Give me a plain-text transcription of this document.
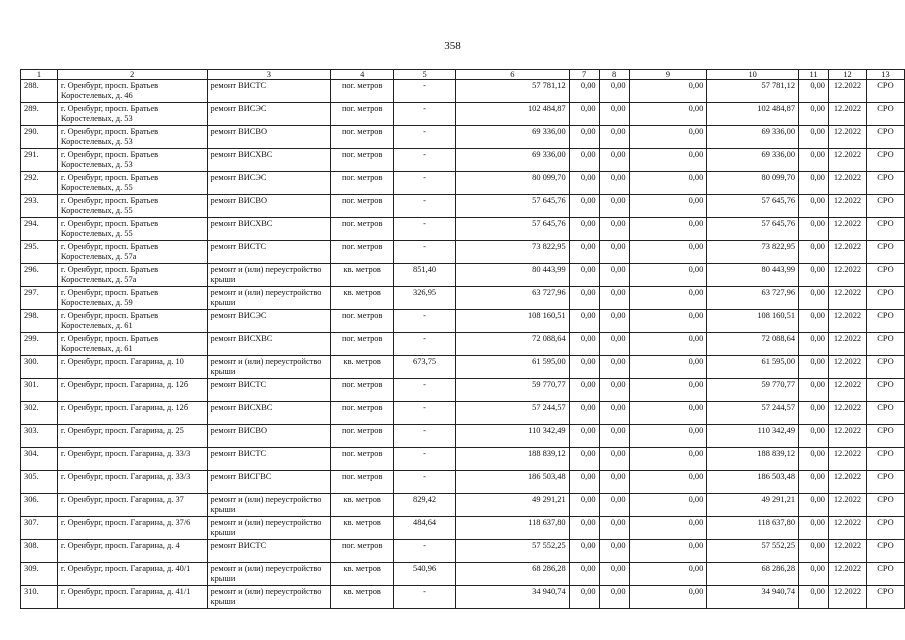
358
1	2	3	4	5	6	7	8	9	10	11	12	13
288.	г. Оренбург, просп. Братьев Коростелевых, д. 46	ремонт ВИСТС	пог. метров	-	57 781,12	0,00	0,00	0,00	57 781,12	0,00	12.2022	СРО
289.	г. Оренбург, просп. Братьев Коростелевых, д. 53	ремонт ВИСЭС	пог. метров	-	102 484,87	0,00	0,00	0,00	102 484,87	0,00	12.2022	СРО
290.	г. Оренбург, просп. Братьев Коростелевых, д. 53	ремонт ВИСВО	пог. метров	-	69 336,00	0,00	0,00	0,00	69 336,00	0,00	12.2022	СРО
291.	г. Оренбург, просп. Братьев Коростелевых, д. 53	ремонт ВИСХВС	пог. метров	-	69 336,00	0,00	0,00	0,00	69 336,00	0,00	12.2022	СРО
292.	г. Оренбург, просп. Братьев Коростелевых, д. 55	ремонт ВИСЭС	пог. метров	-	80 099,70	0,00	0,00	0,00	80 099,70	0,00	12.2022	СРО
293.	г. Оренбург, просп. Братьев Коростелевых, д. 55	ремонт ВИСВО	пог. метров	-	57 645,76	0,00	0,00	0,00	57 645,76	0,00	12.2022	СРО
294.	г. Оренбург, просп. Братьев Коростелевых, д. 55	ремонт ВИСХВС	пог. метров	-	57 645,76	0,00	0,00	0,00	57 645,76	0,00	12.2022	СРО
295.	г. Оренбург, просп. Братьев Коростелевых, д. 57а	ремонт ВИСТС	пог. метров	-	73 822,95	0,00	0,00	0,00	73 822,95	0,00	12.2022	СРО
296.	г. Оренбург, просп. Братьев Коростелевых, д. 57а	ремонт и (или) переустройство крыши	кв. метров	851,40	80 443,99	0,00	0,00	0,00	80 443,99	0,00	12.2022	СРО
297.	г. Оренбург, просп. Братьев Коростелевых, д. 59	ремонт и (или) переустройство крыши	кв. метров	326,95	63 727,96	0,00	0,00	0,00	63 727,96	0,00	12.2022	СРО
298.	г. Оренбург, просп. Братьев Коростелевых, д. 61	ремонт ВИСЭС	пог. метров	-	108 160,51	0,00	0,00	0,00	108 160,51	0,00	12.2022	СРО
299.	г. Оренбург, просп. Братьев Коростелевых, д. 61	ремонт ВИСХВС	пог. метров	-	72 088,64	0,00	0,00	0,00	72 088,64	0,00	12.2022	СРО
300.	г. Оренбург, просп. Гагарина, д. 10	ремонт и (или) переустройство крыши	кв. метров	673,75	61 595,00	0,00	0,00	0,00	61 595,00	0,00	12.2022	СРО
301.	г. Оренбург, просп. Гагарина, д. 12б	ремонт ВИСТС	пог. метров	-	59 770,77	0,00	0,00	0,00	59 770,77	0,00	12.2022	СРО
302.	г. Оренбург, просп. Гагарина, д. 12б	ремонт ВИСХВС	пог. метров	-	57 244,57	0,00	0,00	0,00	57 244,57	0,00	12.2022	СРО
303.	г. Оренбург, просп. Гагарина, д. 25	ремонт ВИСВО	пог. метров	-	110 342,49	0,00	0,00	0,00	110 342,49	0,00	12.2022	СРО
304.	г. Оренбург, просп. Гагарина, д. 33/3	ремонт ВИСТС	пог. метров	-	188 839,12	0,00	0,00	0,00	188 839,12	0,00	12.2022	СРО
305.	г. Оренбург, просп. Гагарина, д. 33/3	ремонт ВИСГВС	пог. метров	-	186 503,48	0,00	0,00	0,00	186 503,48	0,00	12.2022	СРО
306.	г. Оренбург, просп. Гагарина, д. 37	ремонт и (или) переустройство крыши	кв. метров	829,42	49 291,21	0,00	0,00	0,00	49 291,21	0,00	12.2022	СРО
307.	г. Оренбург, просп. Гагарина, д. 37/6	ремонт и (или) переустройство крыши	кв. метров	484,64	118 637,80	0,00	0,00	0,00	118 637,80	0,00	12.2022	СРО
308.	г. Оренбург, просп. Гагарина, д. 4	ремонт ВИСТС	пог. метров	-	57 552,25	0,00	0,00	0,00	57 552,25	0,00	12.2022	СРО
309.	г. Оренбург, просп. Гагарина, д. 40/1	ремонт и (или) переустройство крыши	кв. метров	540,96	68 286,28	0,00	0,00	0,00	68 286,28	0,00	12.2022	СРО
310.	г. Оренбург, просп. Гагарина, д. 41/1	ремонт и (или) переустройство крыши	кв. метров	-	34 940,74	0,00	0,00	0,00	34 940,74	0,00	12.2022	СРО
